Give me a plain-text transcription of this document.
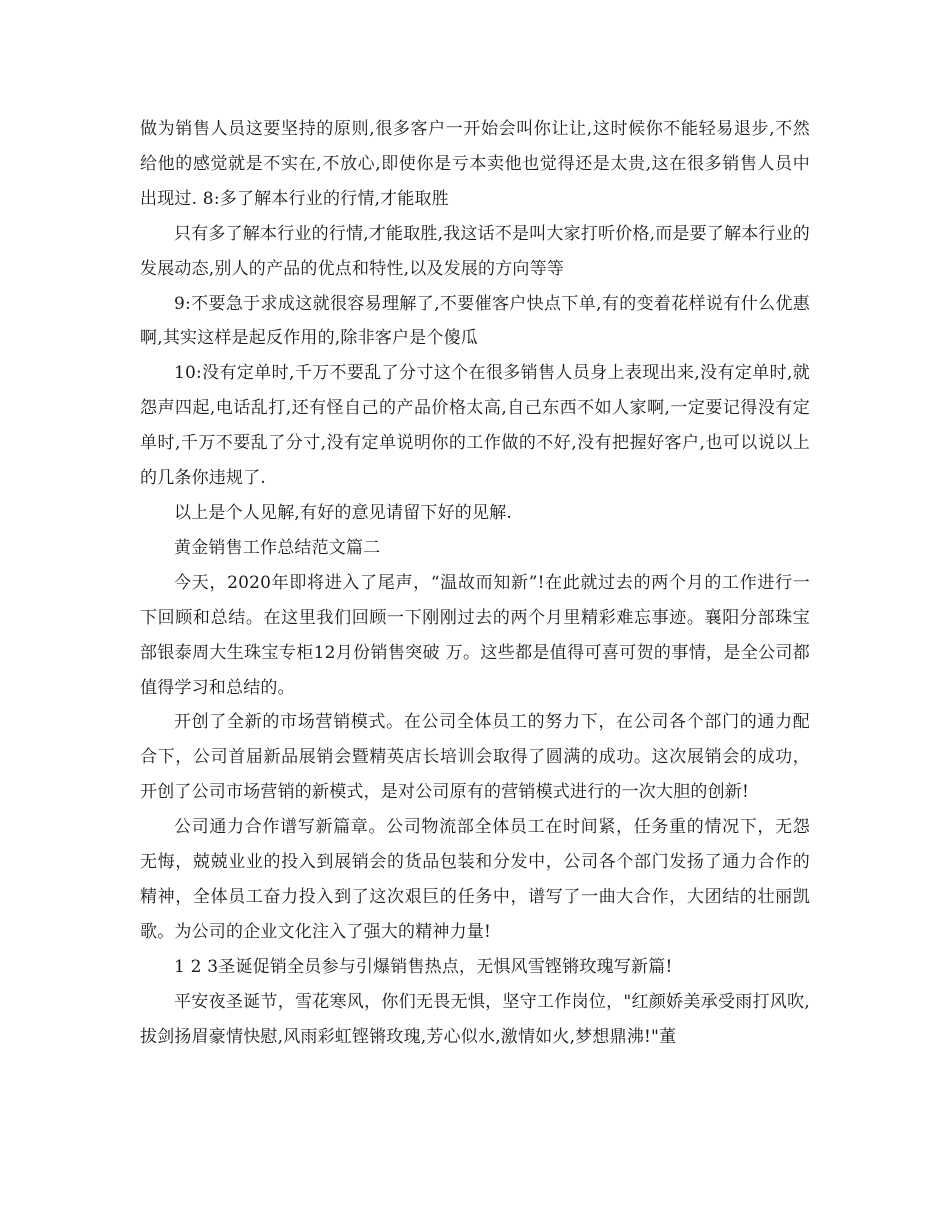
做为销售人员这要坚持的原则,很多客户一开始会叫你让让,这时候你不能轻易退步,不然给他的感觉就是不实在,不放心,即使你是亏本卖他也觉得还是太贵,这在很多销售人员中出现过. 8:多了解本行业的行情,才能取胜

只有多了解本行业的行情,才能取胜,我这话不是叫大家打听价格,而是要了解本行业的发展动态,别人的产品的优点和特性,以及发展的方向等等

9:不要急于求成这就很容易理解了,不要催客户快点下单,有的变着花样说有什么优惠啊,其实这样是起反作用的,除非客户是个傻瓜

10:没有定单时,千万不要乱了分寸这个在很多销售人员身上表现出来,没有定单时,就怨声四起,电话乱打,还有怪自己的产品价格太高,自己东西不如人家啊,一定要记得没有定单时,千万不要乱了分寸,没有定单说明你的工作做的不好,没有把握好客户,也可以说以上的几条你违规了.

以上是个人见解,有好的意见请留下好的见解.

黄金销售工作总结范文篇二

今天，2020年即将进入了尾声，“温故而知新”!在此就过去的两个月的工作进行一下回顾和总结。在这里我们回顾一下刚刚过去的两个月里精彩难忘事迹。襄阳分部珠宝部银泰周大生珠宝专柜12月份销售突破 万。这些都是值得可喜可贺的事情，是全公司都值得学习和总结的。

开创了全新的市场营销模式。在公司全体员工的努力下，在公司各个部门的通力配合下，公司首届新品展销会暨精英店长培训会取得了圆满的成功。这次展销会的成功，开创了公司市场营销的新模式，是对公司原有的营销模式进行的一次大胆的创新!

公司通力合作谱写新篇章。公司物流部全体员工在时间紧，任务重的情况下，无怨无悔，兢兢业业的投入到展销会的货品包装和分发中，公司各个部门发扬了通力合作的精神，全体员工奋力投入到了这次艰巨的任务中，谱写了一曲大合作，大团结的壮丽凯歌。为公司的企业文化注入了强大的精神力量!

1 2 3圣诞促销全员参与引爆销售热点，无惧风雪铿锵玫瑰写新篇!

平安夜圣诞节，雪花寒风，你们无畏无惧，坚守工作岗位，"红颜娇美承受雨打风吹,拔剑扬眉豪情快慰,风雨彩虹铿锵玫瑰,芳心似水,激情如火,梦想鼎沸!"董
